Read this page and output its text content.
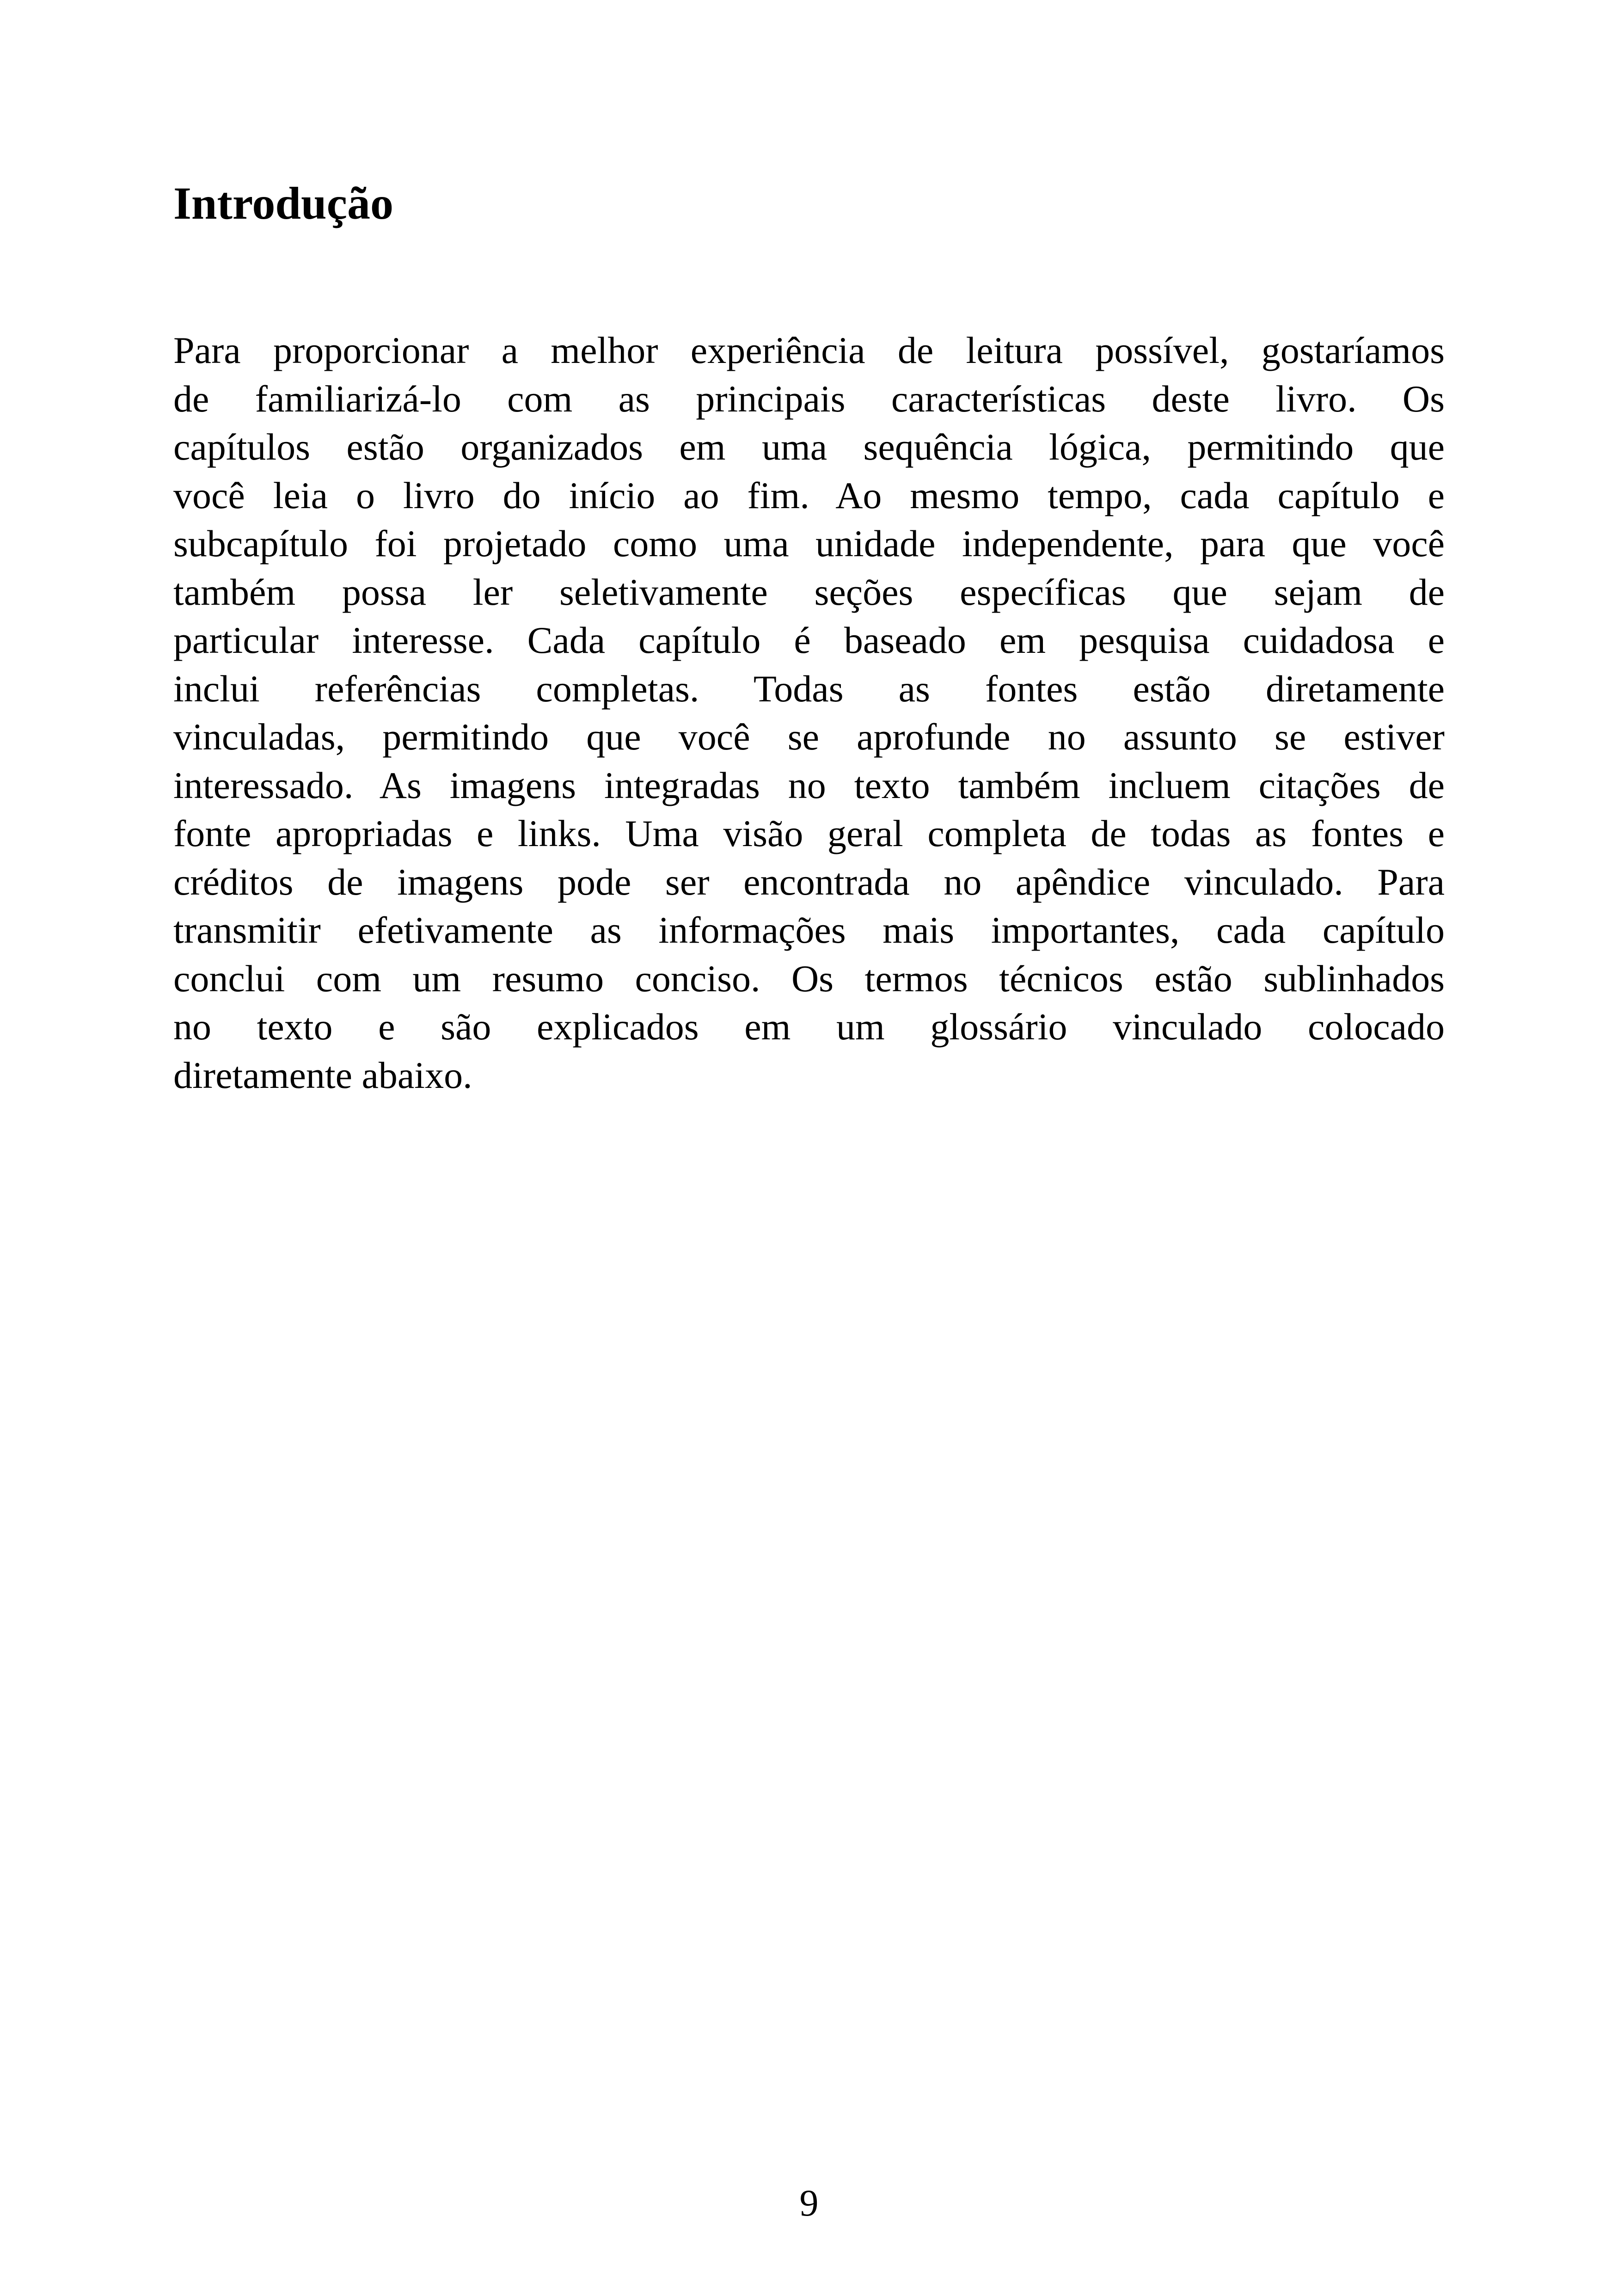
Introdução

Para proporcionar a melhor experiência de leitura possível, gostaríamos
de familiarizá-lo com as principais características deste livro. Os
capítulos estão organizados em uma sequência lógica, permitindo que
você leia o livro do início ao fim. Ao mesmo tempo, cada capítulo e
subcapítulo foi projetado como uma unidade independente, para que você
também possa ler seletivamente seções específicas que sejam de
particular interesse. Cada capítulo é baseado em pesquisa cuidadosa e
inclui referências completas. Todas as fontes estão diretamente
vinculadas, permitindo que você se aprofunde no assunto se estiver
interessado. As imagens integradas no texto também incluem citações de
fonte apropriadas e links. Uma visão geral completa de todas as fontes e
créditos de imagens pode ser encontrada no apêndice vinculado. Para
transmitir efetivamente as informações mais importantes, cada capítulo
conclui com um resumo conciso. Os termos técnicos estão sublinhados
no texto e são explicados em um glossário vinculado colocado
diretamente abaixo.

9
